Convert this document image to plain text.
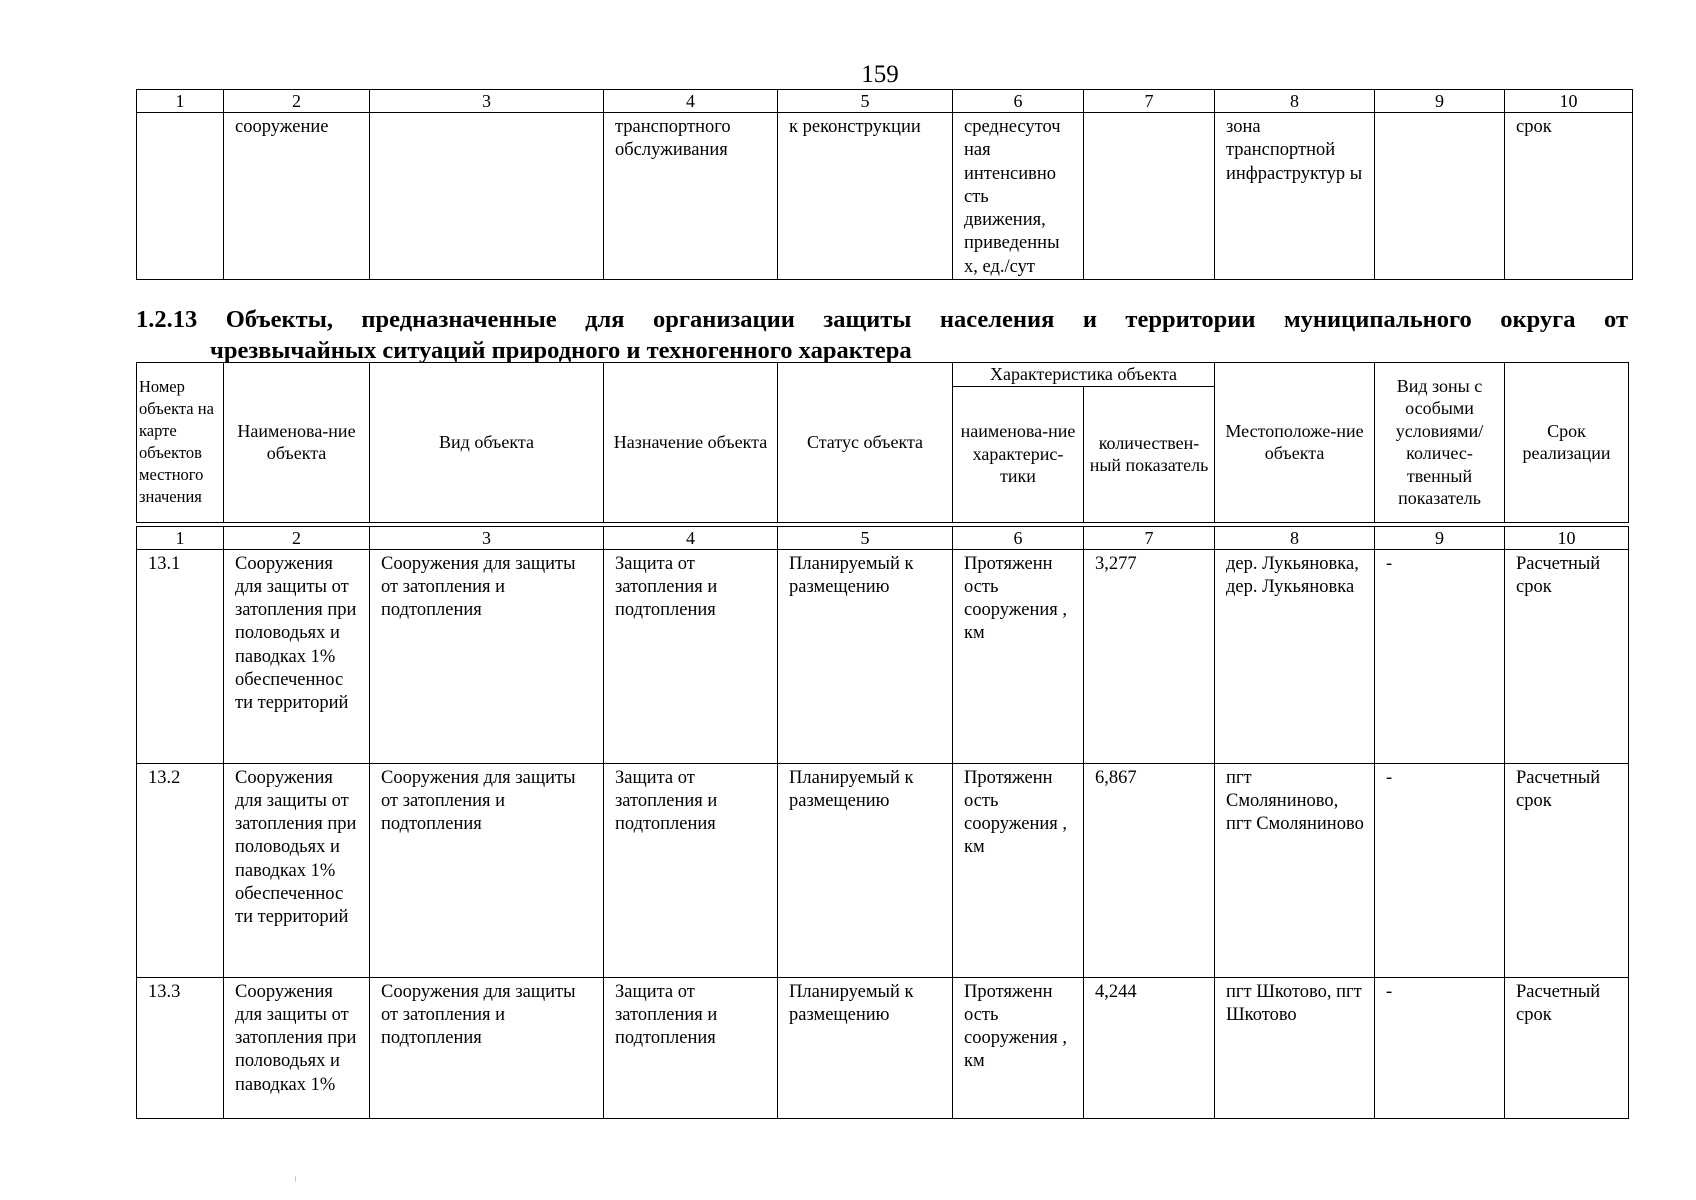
159
1	2	3	4	5	6	7	8	9	10
	сооружение		транспортного обслуживания	к реконструкции	среднесуточ ная интенсивно сть движения, приведенны х, ед./сут		зона транспортной инфраструктур ы		срок
1.2.13 Объекты, предназначенные для организации защиты населения и территории муниципального округа от
чрезвычайных ситуаций природного и техногенного характера
Номер объекта на карте объектов местного значения	Наименова-ние объекта	Вид объекта	Назначение объекта	Статус объекта	Характеристика объекта		Местоположе-ние объекта	Вид зоны с особыми условиями/ количес-твенный показатель	Срок реализации
					наименова-ние характерис-тики	количествен-ный показатель			

1	2	3	4	5	6	7	8	9	10
13.1	Сооружения для защиты от затопления при половодьях и паводках 1% обеспеченнос ти территорий	Сооружения для защиты от затопления и подтопления	Защита от затопления и подтопления	Планируемый к размещению	Протяженн ость сооружения , км	3,277	дер. Лукьяновка, дер. Лукьяновка	-	Расчетный срок
13.2	Сооружения для защиты от затопления при половодьях и паводках 1% обеспеченнос ти территорий	Сооружения для защиты от затопления и подтопления	Защита от затопления и подтопления	Планируемый к размещению	Протяженн ость сооружения , км	6,867	пгт Смоляниново, пгт Смоляниново	-	Расчетный срок
13.3	Сооружения для защиты от затопления при половодьях и паводках 1%	Сооружения для защиты от затопления и подтопления	Защита от затопления и подтопления	Планируемый к размещению	Протяженн ость сооружения , км	4,244	пгт Шкотово, пгт Шкотово	-	Расчетный срок
